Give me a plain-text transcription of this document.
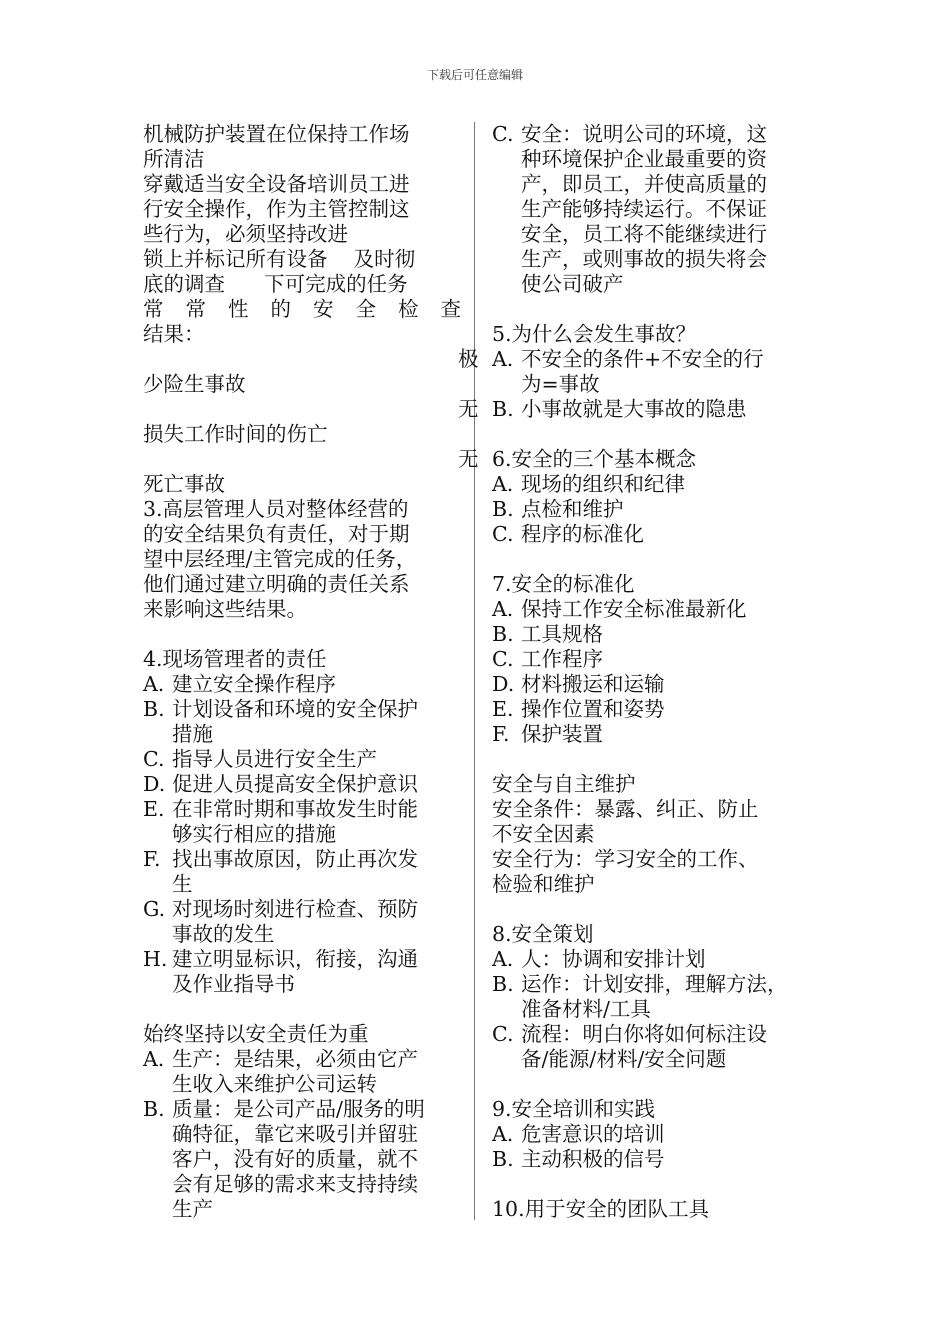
下载后可任意编辑
极
无
无
机械防护装置在位保持工作场
所清洁
穿戴适当安全设备培训员工进
行安全操作，作为主管控制这
些行为，必须坚持改进
锁上并标记所有设备    及时彻
底的调查      下可完成的任务
常 常 性 的 安 全 检 查
结果：
少险生事故
损失工作时间的伤亡
死亡事故
3.高层管理人员对整体经营的
的安全结果负有责任，对于期
望中层经理/主管完成的任务，
他们通过建立明确的责任关系
来影响这些结果。
4.现场管理者的责任
A. 建立安全操作程序
B. 计划设备和环境的安全保护
措施
C. 指导人员进行安全生产
D. 促进人员提高安全保护意识
E. 在非常时期和事故发生时能
够实行相应的措施
F. 找出事故原因，防止再次发
生
G. 对现场时刻进行检查、预防
事故的发生
H. 建立明显标识，衔接，沟通
及作业指导书
始终坚持以安全责任为重
A. 生产：是结果，必须由它产
生收入来维护公司运转
B. 质量：是公司产品/服务的明
确特征，靠它来吸引并留驻
客户，没有好的质量，就不
会有足够的需求来支持持续
生产
C. 安全：说明公司的环境，这
种环境保护企业最重要的资
产，即员工，并使高质量的
生产能够持续运行。不保证
安全，员工将不能继续进行
生产，或则事故的损失将会
使公司破产
5.为什么会发生事故？
A. 不安全的条件+不安全的行
为=事故
B. 小事故就是大事故的隐患
6.安全的三个基本概念
A. 现场的组织和纪律
B. 点检和维护
C. 程序的标准化
7.安全的标准化
A. 保持工作安全标准最新化
B. 工具规格
C. 工作程序
D. 材料搬运和运输
E. 操作位置和姿势
F. 保护装置
安全与自主维护
安全条件：暴露、纠正、防止
不安全因素
安全行为：学习安全的工作、
检验和维护
8.安全策划
A. 人：协调和安排计划
B. 运作：计划安排，理解方法，
准备材料/工具
C. 流程：明白你将如何标注设
备/能源/材料/安全问题
9.安全培训和实践
A. 危害意识的培训
B. 主动积极的信号
10.用于安全的团队工具
